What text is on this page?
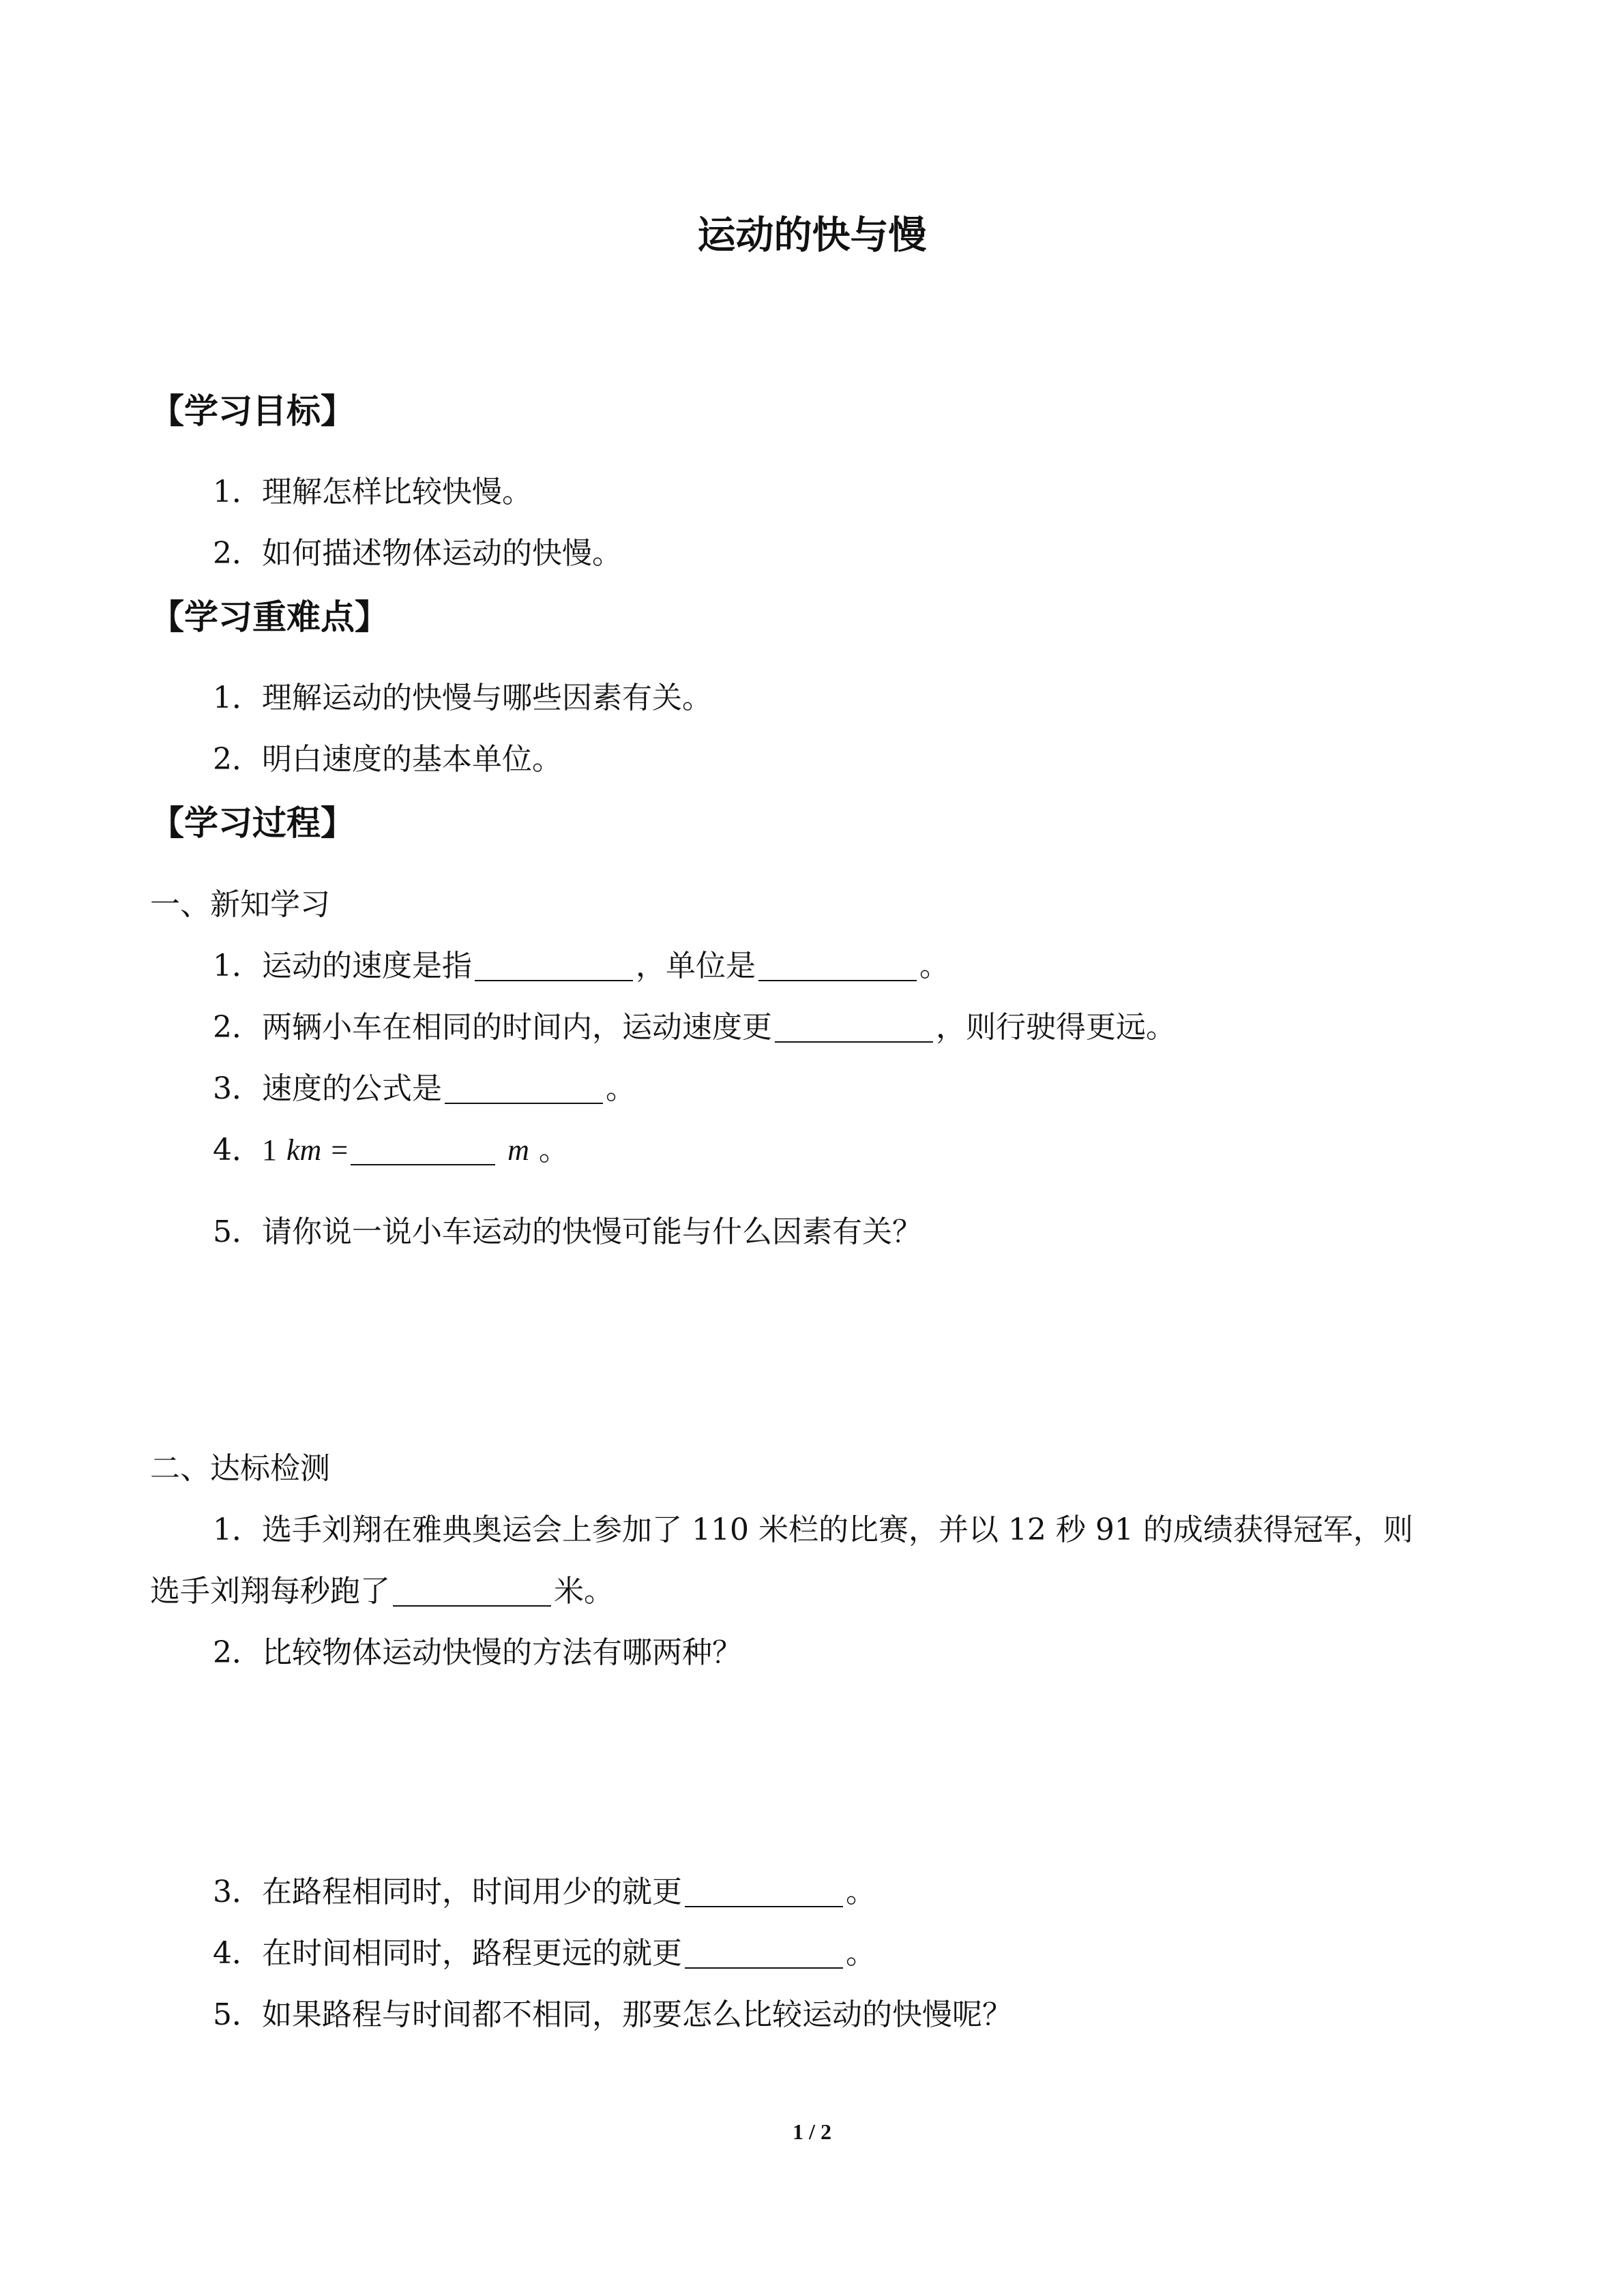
运动的快与慢
【学习目标】
1．理解怎样比较快慢。
2．如何描述物体运动的快慢。
【学习重难点】
1．理解运动的快慢与哪些因素有关。
2．明白速度的基本单位。
【学习过程】
一、新知学习
1．运动的速度是指	，单位是	。
2．两辆小车在相同的时间内，运动速度更	，则行驶得更远。
3．速度的公式是	。
4．1 km =	m 。
5．请你说一说小车运动的快慢可能与什么因素有关？
二、达标检测
1．选手刘翔在雅典奥运会上参加了 110 米栏的比赛，并以 12 秒 91 的成绩获得冠军，则
选手刘翔每秒跑了	米。
2．比较物体运动快慢的方法有哪两种？
3．在路程相同时，时间用少的就更	。
4．在时间相同时，路程更远的就更	。
5．如果路程与时间都不相同，那要怎么比较运动的快慢呢？
1 / 2
